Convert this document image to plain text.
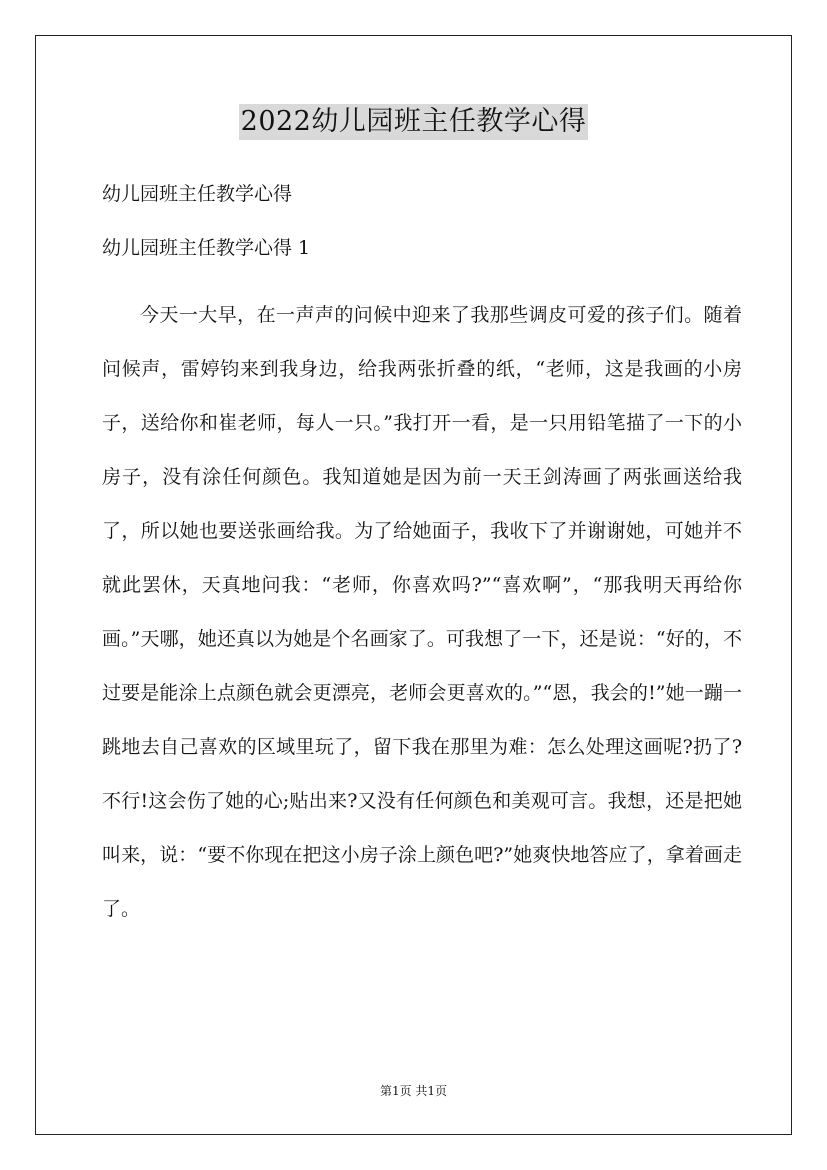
2022幼儿园班主任教学心得
幼儿园班主任教学心得
幼儿园班主任教学心得 1
今天一大早，在一声声的问候中迎来了我那些调皮可爱的孩子们。随着问候声，雷婷钧来到我身边，给我两张折叠的纸，“老师，这是我画的小房子，送给你和崔老师，每人一只。”我打开一看，是一只用铅笔描了一下的小房子，没有涂任何颜色。我知道她是因为前一天王剑涛画了两张画送给我了，所以她也要送张画给我。为了给她面子，我收下了并谢谢她，可她并不就此罢休，天真地问我：“老师，你喜欢吗?”“喜欢啊”，“那我明天再给你画。”天哪，她还真以为她是个名画家了。可我想了一下，还是说：“好的，不过要是能涂上点颜色就会更漂亮，老师会更喜欢的。”“恩，我会的!”她一蹦一跳地去自己喜欢的区域里玩了，留下我在那里为难：怎么处理这画呢?扔了?不行!这会伤了她的心;贴出来?又没有任何颜色和美观可言。我想，还是把她叫来，说：“要不你现在把这小房子涂上颜色吧?”她爽快地答应了，拿着画走了。
第1页 共1页
